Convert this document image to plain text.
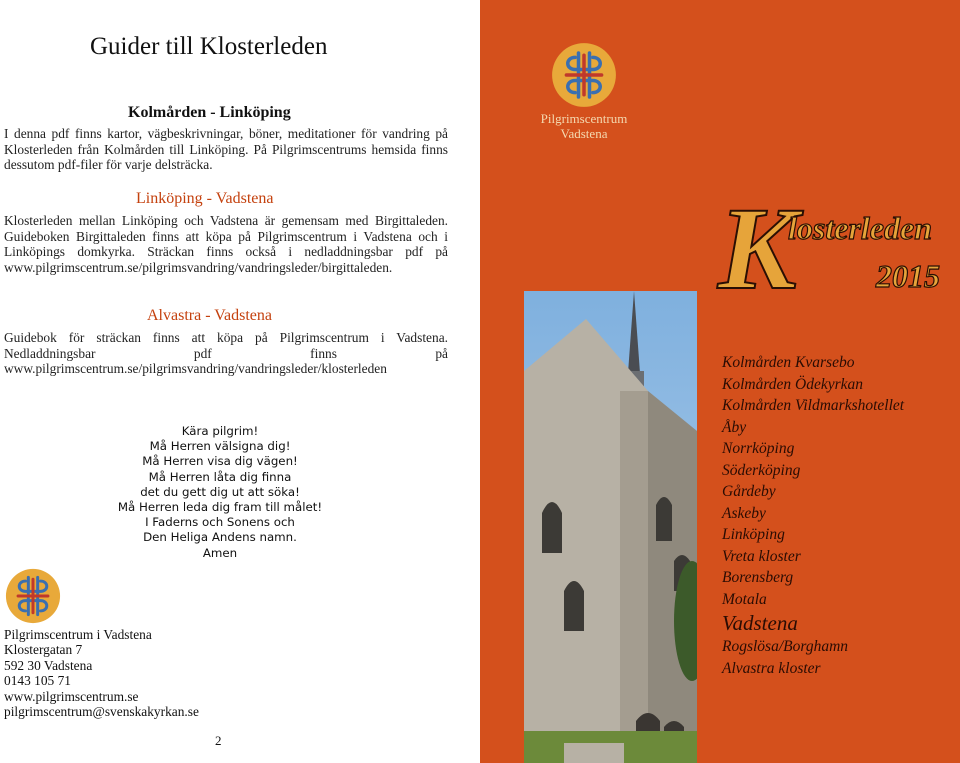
Guider till Klosterleden
Kolmården - Linköping

I denna pdf finns kartor, vägbeskrivningar, böner, meditationer för vandring på Klosterleden från Kolmården till Linköping. På Pilgrimscentrums hemsida finns dessutom pdf-filer för varje delsträcka.

Linköping - Vadstena

Klosterleden mellan Linköping och Vadstena är gemensam med Birgittaleden. Guideboken Birgittaleden finns att köpa på Pilgrimscentrum i Vadstena och i Linköpings domkyrka. Sträckan finns också i nedladdningsbar pdf på www.pilgrimscentrum.se/pilgrimsvandring/vandringsleder/birgittaleden.

Alvastra - Vadstena

Guidebok för sträckan finns att köpa på Pilgrimscentrum i Vadstena. Nedladdningsbar pdf finns på www.pilgrimscentrum.se/pilgrimsvandring/vandringsleder/klosterleden

Kära pilgrim!
Må Herren välsigna dig!
Må Herren visa dig vägen!
Må Herren låta dig finna
det du gett dig ut att söka!
Må Herren leda dig fram till målet!
I Faderns och Sonens och
Den Heliga Andens namn.
Amen
Pilgrimscentrum i Vadstena
Klostergatan 7
592 30 Vadstena
0143 105 71
www.pilgrimscentrum.se
pilgrimscentrum@svenskakyrkan.se
2
Pilgrimscentrum
Vadstena
K
losterleden
2015
Kolmården Kvarsebo
Kolmården Ödekyrkan
Kolmården Vildmarkshotellet
Åby
Norrköping
Söderköping
Gårdeby
Askeby
Linköping
Vreta kloster
Borensberg
Motala
Vadstena
Rogslösa/Borghamn
Alvastra kloster
